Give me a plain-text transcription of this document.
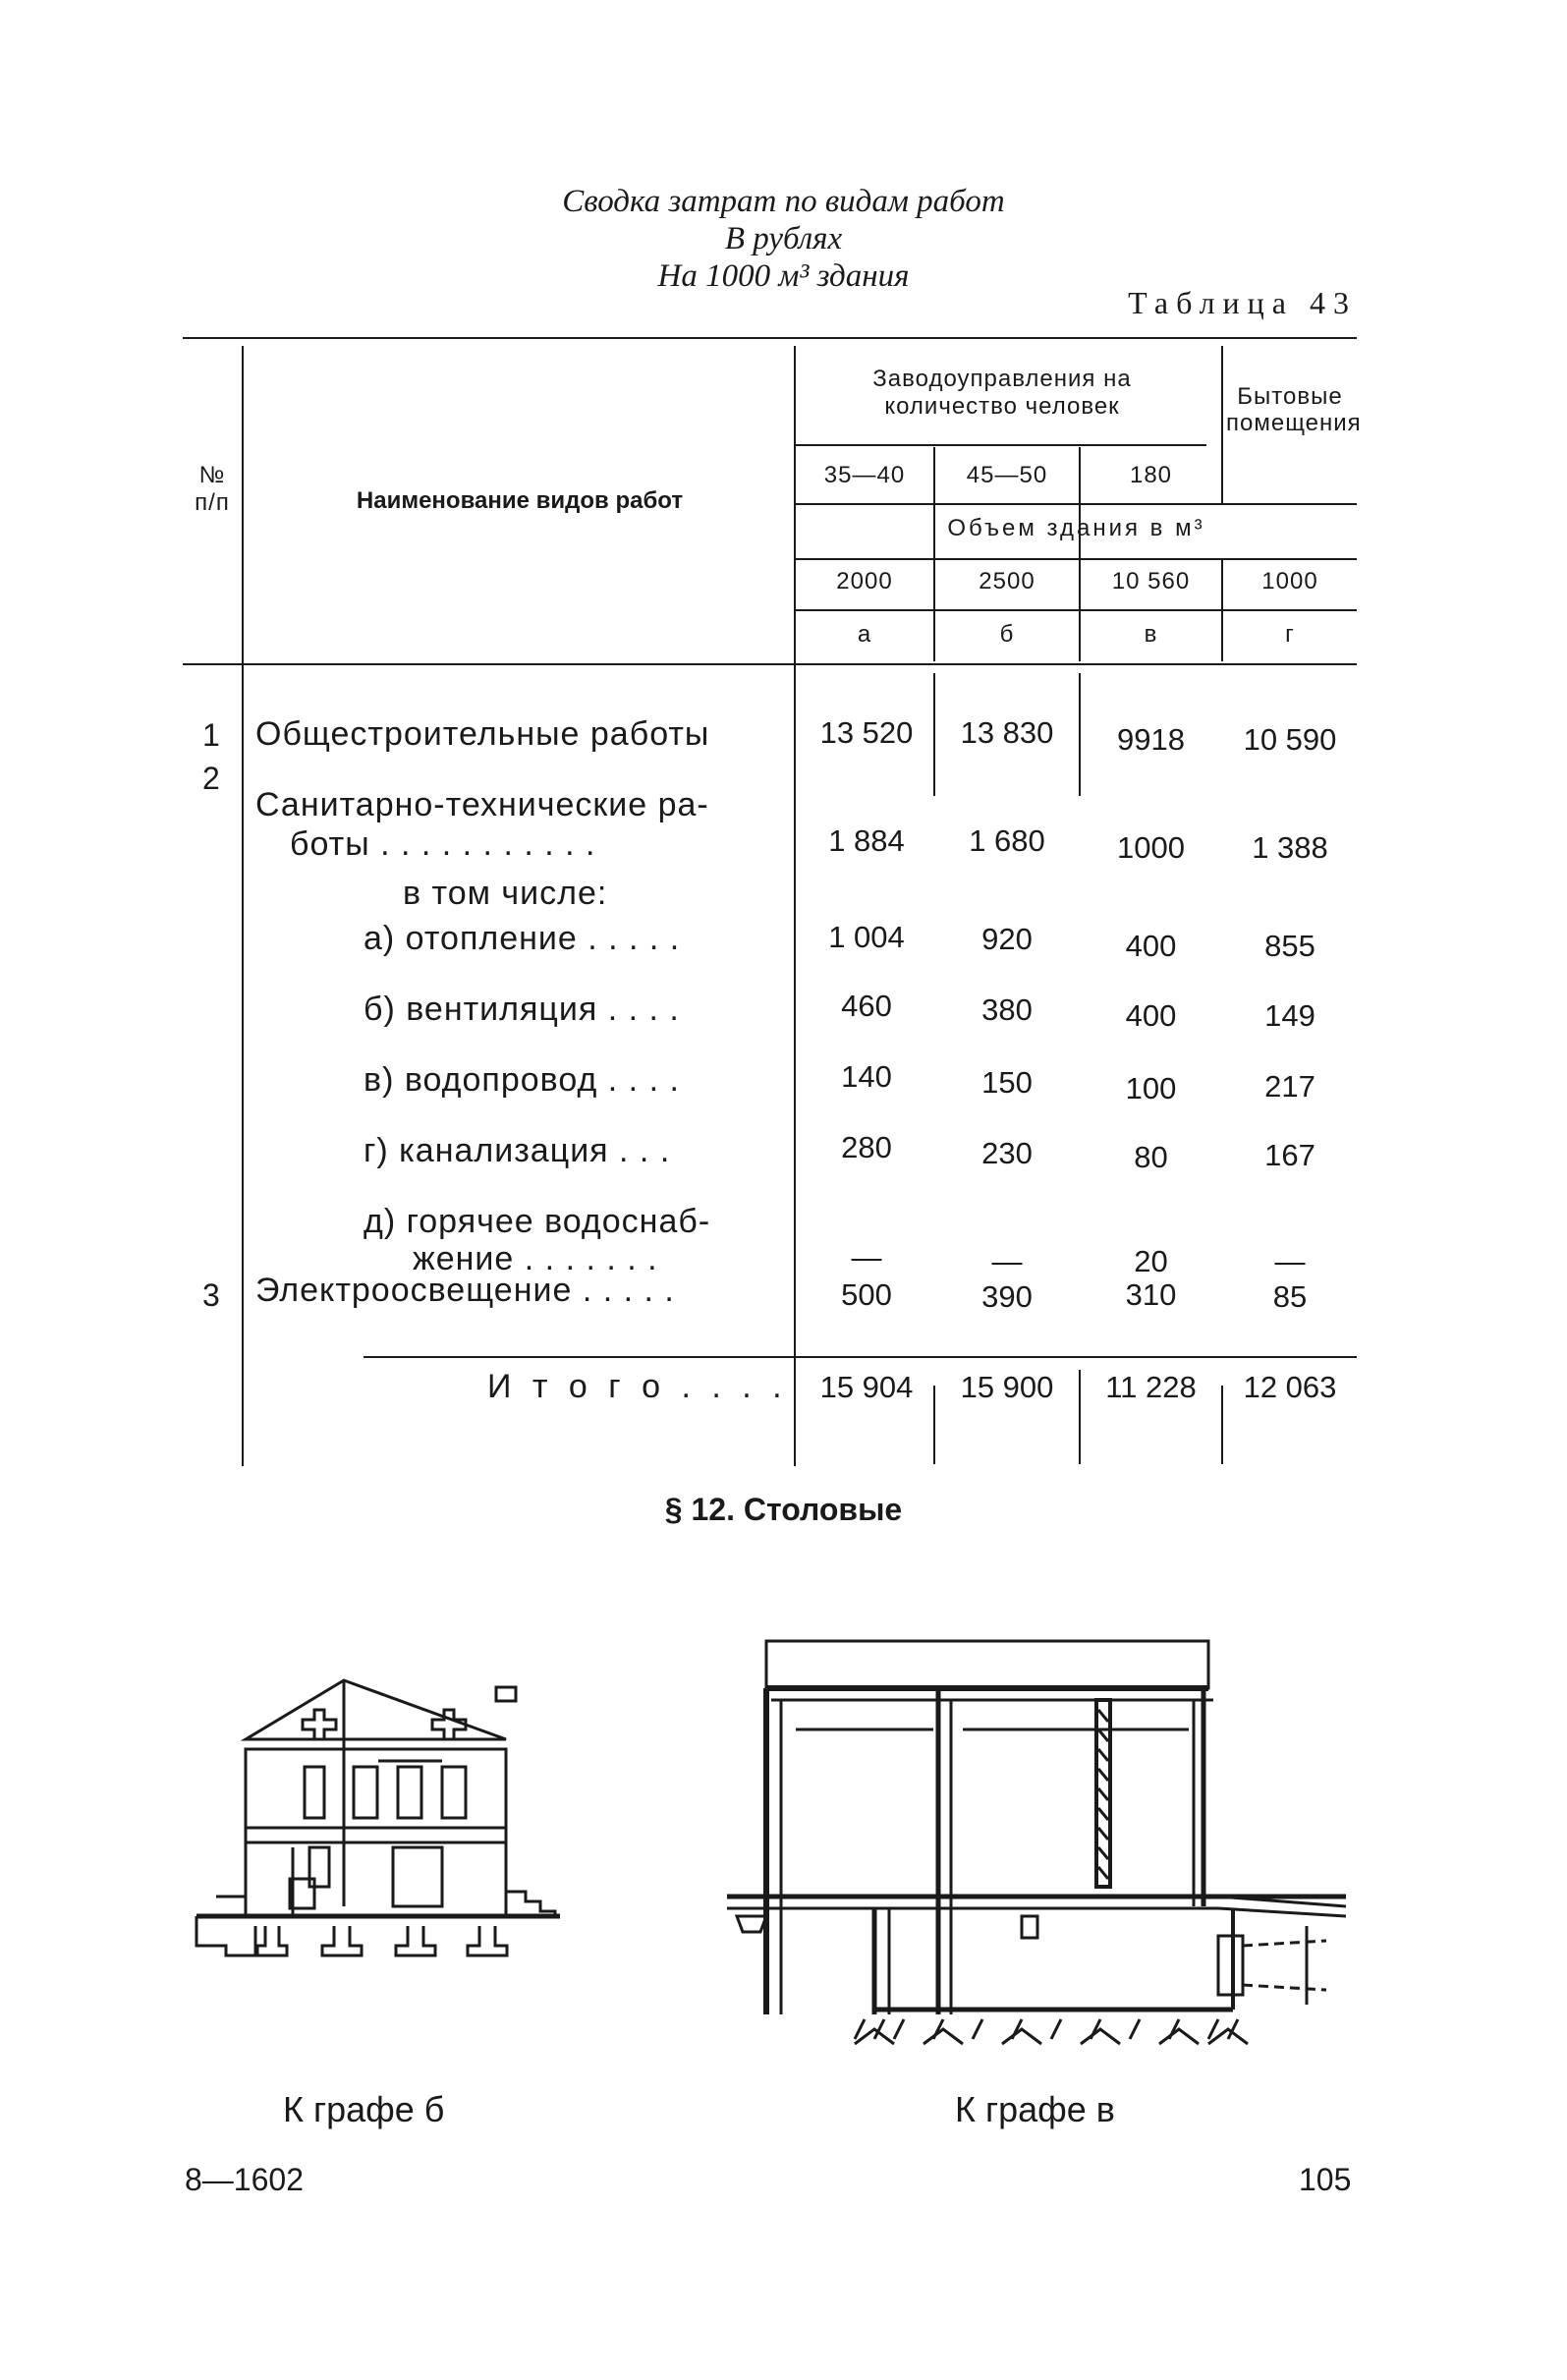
Сводка затрат по видам работ
В рублях
На 1000 м³ здания
Таблица 43
№
п/п	Наименование видов работ
Заводоуправления на количество человек	Бытовые помещения
35—40	45—50	180
Объем здания в м³
2000	2500	10 560	1000
а	б	в	г
1 Общестроительные работы	13 520	13 830	9918	10 590
2
Санитарно-технические ра-
боты . . . . . . . . . . .	1 884	1 680	1000	1 388
в том числе:
а) отопление . . . . .	1 004	920	400	855
б) вентиляция . . . .	460	380	400	149
в) водопровод . . . .	140	150	100	217
г) канализация . . .	280	230	80	167
д) горячее водоснаб-
жение . . . . . . .	—	—	20	—
3 Электроосвещение . . . . .	500	390	310	85
И т о г о . . . .	15 904	15 900	11 228	12 063
§ 12. Столовые
К графе б	К графе в
8—1602	105
